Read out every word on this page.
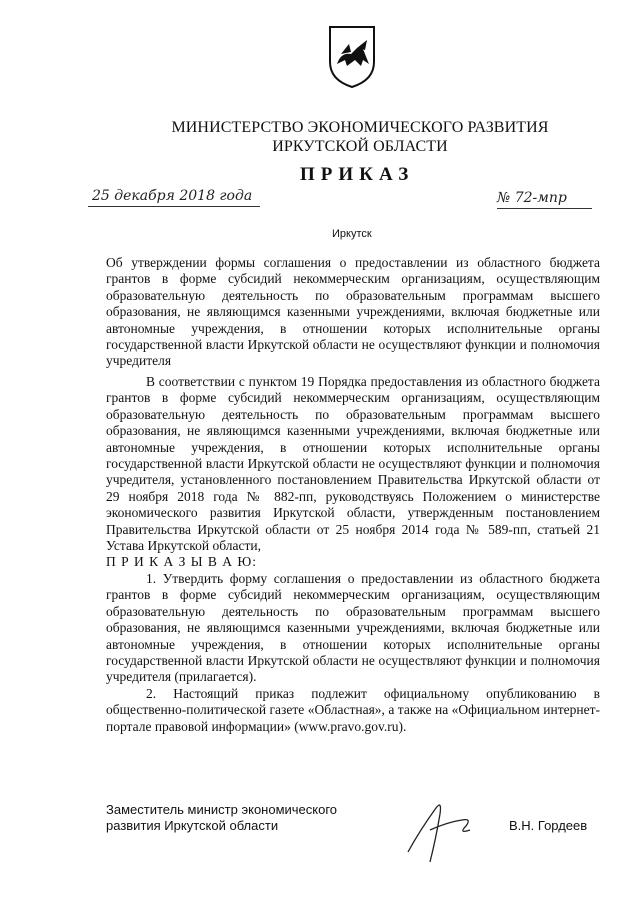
МИНИСТЕРСТВО ЭКОНОМИЧЕСКОГО РАЗВИТИЯ
ИРКУТСКОЙ ОБЛАСТИ
ПРИКАЗ
25 декабря 2018 года	№ 72-мпр
Иркутск

Об утверждении формы соглашения о предоставлении из областного бюджета грантов в форме субсидий некоммерческим организациям, осуществляющим образовательную деятельность по образовательным программам высшего образования, не являющимся казенными учреждениями, включая бюджетные или автономные учреждения, в отношении которых исполнительные органы государственной власти Иркутской области не осуществляют функции и полномочия учредителя

В соответствии с пунктом 19 Порядка предоставления из областного бюджета грантов в форме субсидий некоммерческим организациям, осуществляющим образовательную деятельность по образовательным программам высшего образования, не являющимся казенными учреждениями, включая бюджетные или автономные учреждения, в отношении которых исполнительные органы государственной власти Иркутской области не осуществляют функции и полномочия учредителя, установленного постановлением Правительства Иркутской области от 29 ноября 2018 года № 882-пп, руководствуясь Положением о министерстве экономического развития Иркутской области, утвержденным постановлением Правительства Иркутской области от 25 ноября 2014 года № 589-пп, статьей 21 Устава Иркутской области,

П Р И К А З Ы В А Ю:

1. Утвердить форму соглашения о предоставлении из областного бюджета грантов в форме субсидий некоммерческим организациям, осуществляющим образовательную деятельность по образовательным программам высшего образования, не являющимся казенными учреждениями, включая бюджетные или автономные учреждения, в отношении которых исполнительные органы государственной власти Иркутской области не осуществляют функции и полномочия учредителя (прилагается).

2. Настоящий приказ подлежит официальному опубликованию в общественно-политической газете «Областная», а также на «Официальном интернет-портале правовой информации» (www.pravo.gov.ru).

Заместитель министр экономического
развития Иркутской области	В.Н. Гордеев
